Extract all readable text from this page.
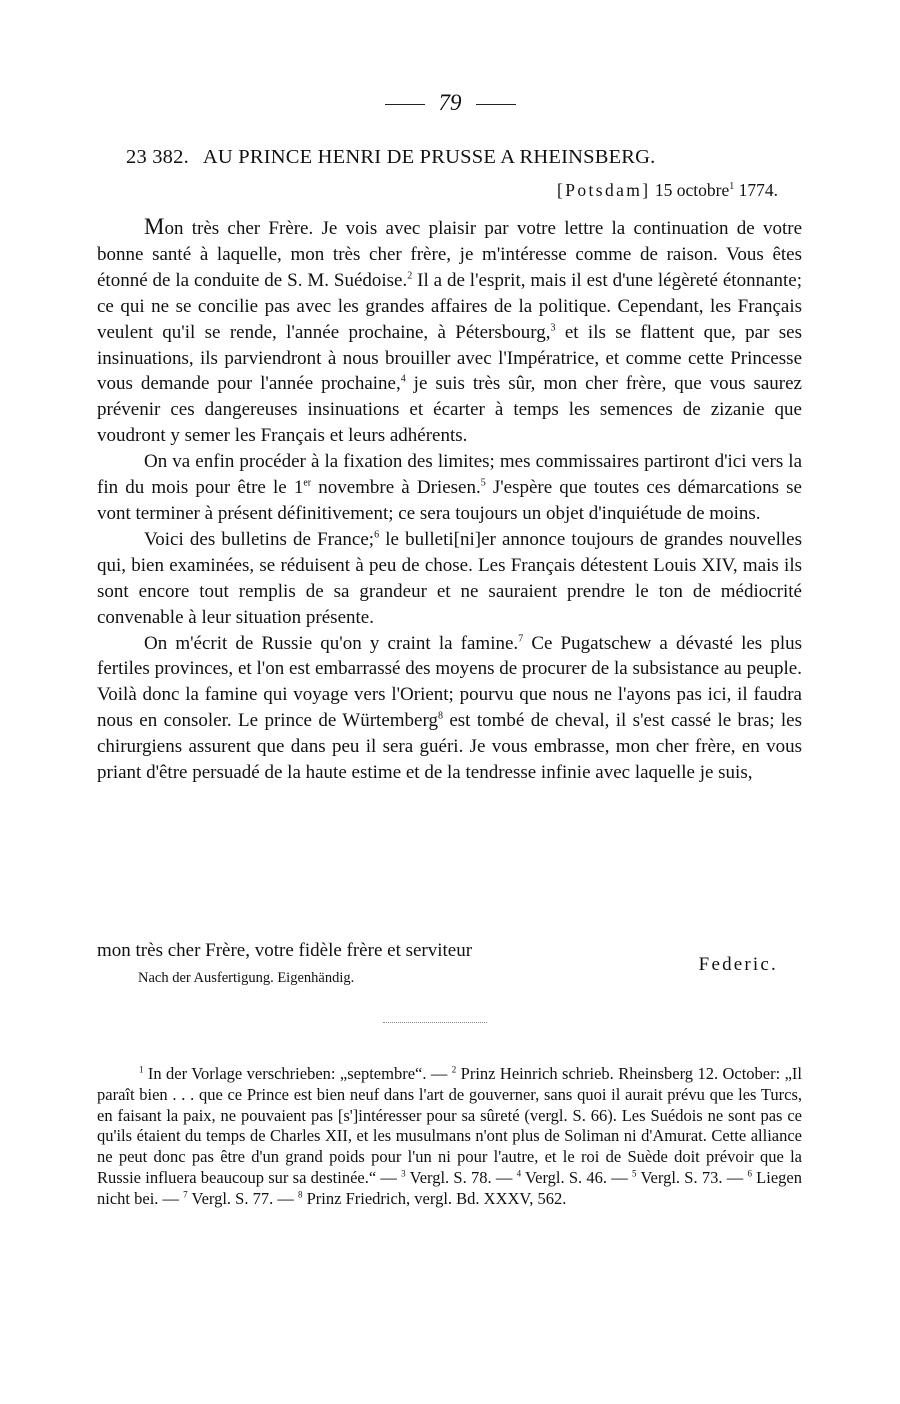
79
23 382. AU PRINCE HENRI DE PRUSSE A RHEINSBERG.
[Potsdam] 15 octobre$^1$ 1774.

Mon très cher Frère. Je vois avec plaisir par votre lettre la continuation de votre bonne santé à laquelle, mon très cher frère, je m'intéresse comme de raison. Vous êtes étonné de la conduite de S. M. Suédoise.$^2$ Il a de l'esprit, mais il est d'une légèreté étonnante; ce qui ne se concilie pas avec les grandes affaires de la politique. Cependant, les Français veulent qu'il se rende, l'année prochaine, à Pétersbourg,$^3$ et ils se flattent que, par ses insinuations, ils parviendront à nous brouiller avec l'Impératrice, et comme cette Princesse vous demande pour l'année prochaine,$^4$ je suis très sûr, mon cher frère, que vous saurez prévenir ces dangereuses insinuations et écarter à temps les semences de zizanie que voudront y semer les Français et leurs adhérents.

On va enfin procéder à la fixation des limites; mes commissaires partiront d'ici vers la fin du mois pour être le 1er novembre à Driesen.$^5$ J'espère que toutes ces démarcations se vont terminer à présent définitivement; ce sera toujours un objet d'inquiétude de moins.

Voici des bulletins de France;$^6$ le bulleti[ni]er annonce toujours de grandes nouvelles qui, bien examinées, se réduisent à peu de chose. Les Français détestent Louis XIV, mais ils sont encore tout remplis de sa grandeur et ne sauraient prendre le ton de médiocrité convenable à leur situation présente.

On m'écrit de Russie qu'on y craint la famine.$^7$ Ce Pugatschew a dévasté les plus fertiles provinces, et l'on est embarrassé des moyens de procurer de la subsistance au peuple. Voilà donc la famine qui voyage vers l'Orient; pourvu que nous ne l'ayons pas ici, il faudra nous en consoler. Le prince de Würtemberg$^8$ est tombé de cheval, il s'est cassé le bras; les chirurgiens assurent que dans peu il sera guéri. Je vous embrasse, mon cher frère, en vous priant d'être persuadé de la haute estime et de la tendresse infinie avec laquelle je suis,

mon très cher Frère, votre fidèle frère et serviteur
Federic.
Nach der Ausfertigung. Eigenhändig.

$^1$ In der Vorlage verschrieben: „septembre“. — $^2$ Prinz Heinrich schrieb. Rheinsberg 12. October: „Il paraît bien . . . que ce Prince est bien neuf dans l'art de gouverner, sans quoi il aurait prévu que les Turcs, en faisant la paix, ne pouvaient pas [s']intéresser pour sa sûreté (vergl. S. 66). Les Suédois ne sont pas ce qu'ils étaient du temps de Charles XII, et les musulmans n'ont plus de Soliman ni d'Amurat. Cette alliance ne peut donc pas être d'un grand poids pour l'un ni pour l'autre, et le roi de Suède doit prévoir que la Russie influera beaucoup sur sa destinée.“ — $^3$ Vergl. S. 78. — $^4$ Vergl. S. 46. — $^5$ Vergl. S. 73. — $^6$ Liegen nicht bei. — $^7$ Vergl. S. 77. — $^8$ Prinz Friedrich, vergl. Bd. XXXV, 562.
